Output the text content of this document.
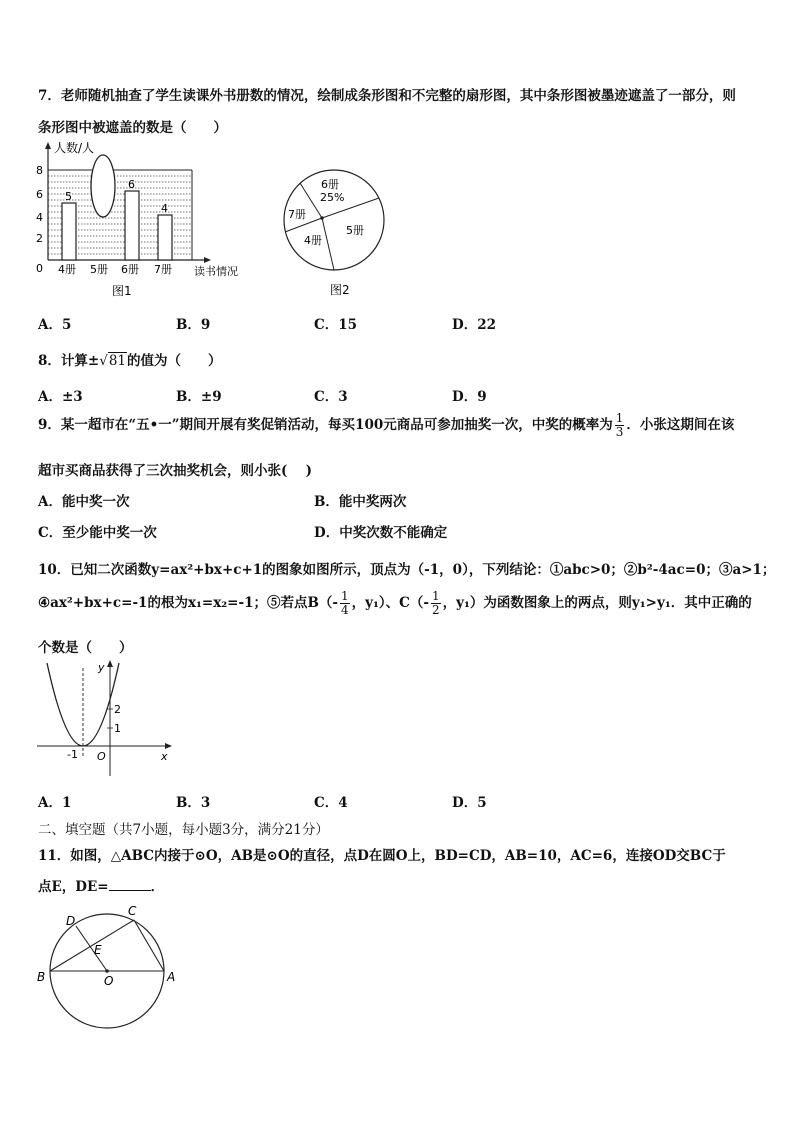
7．老师随机抽查了学生读课外书册数的情况，绘制成条形图和不完整的扇形图，其中条形图被墨迹遮盖了一部分，则
条形图中被遮盖的数是（　　）
人数/人
8
6
4
2
0
5
6
4
4册 5册 6册 7册 读书情况
图1
6册
25%
7册
4册
5册
图2
A．5	B．9	C．15	D．22
8．计算±√81的值为（　　）
A．±3	B．±9	C．3	D．9
9．某一超市在“五•一”期间开展有奖促销活动，每买100元商品可参加抽奖一次，中奖的概率为 $\frac{1}{3}$ ．小张这期间在该
超市买商品获得了三次抽奖机会，则小张(　 )
A．能中奖一次	B．能中奖两次
C．至少能中奖一次	D．中奖次数不能确定
10．已知二次函数y=ax²+bx+c+1的图象如图所示，顶点为（-1，0），下列结论：①abc>0；②b²-4ac=0；③a>1；
④ax²+bx+c=-1的根为x₁=x₂=-1；⑤若点$B(- \frac{1}{4}$ ，y₁）、$C(- \frac{1}{2}$ ，y₁）为函数图象上的两点，则y₁>y₁．其中正确的
个数是（　　）
y
x
O
-1
2
1
A．1	B．3	C．4	D．5
二、填空题（共7小题，每小题3分，满分21分）
11．如图，△ABC内接于⊙O，AB是⊙O的直径，点D在圆O上，BD=CD，AB=10，AC=6，连接OD交BC于
点E，DE=	．
D
C
E
B	O	A
